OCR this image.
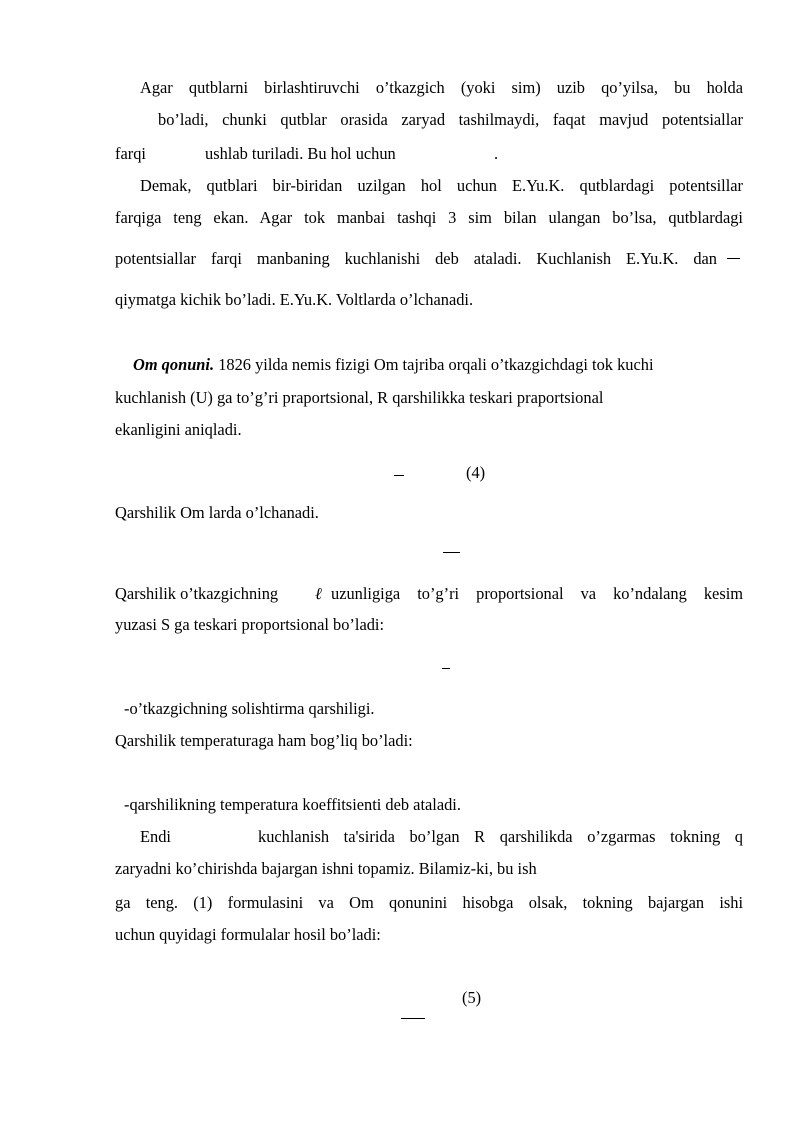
Agar qutblarni birlashtiruvchi o’tkazgich (yoki sim) uzib qo’yilsa, bu holda
bo’ladi, chunki qutblar orasida zaryad tashilmaydi, faqat mavjud potentsiallar
farqi	ushlab turiladi. Bu hol uchun	.
Demak, qutblari bir-biridan uzilgan hol uchun E.Yu.K. qutblardagi potentsillar
farqiga teng ekan. Agar tok manbai tashqi 3 sim bilan ulangan bo’lsa, qutblardagi
potentsiallar farqi manbaning kuchlanishi deb ataladi. Kuchlanish E.Yu.K. dan
qiymatga kichik bo’ladi. E.Yu.K. Voltlarda o’lchanadi.
Om qonuni. 1826 yilda nemis fizigi Om tajriba orqali o’tkazgichdagi tok kuchi
kuchlanish (U) ga to’g’ri praportsional, R qarshilikka teskari praportsional
ekanligini aniqladi.
(4)
Qarshilik Om larda o’lchanadi.
Qarshilik o’tkazgichning ℓ uzunligiga to’g’ri proportsional va ko’ndalang kesim
yuzasi S ga teskari proportsional bo’ladi:
-o’tkazgichning solishtirma qarshiligi.
Qarshilik temperaturaga ham bog’liq bo’ladi:
-qarshilikning temperatura koeffitsienti deb ataladi.
Endi	kuchlanish ta'sirida bo’lgan R qarshilikda o’zgarmas tokning q
zaryadni ko’chirishda bajargan ishni topamiz. Bilamiz-ki, bu ish
ga teng. (1) formulasini va Om qonunini hisobga olsak, tokning bajargan ishi
uchun quyidagi formulalar hosil bo’ladi:
(5)
